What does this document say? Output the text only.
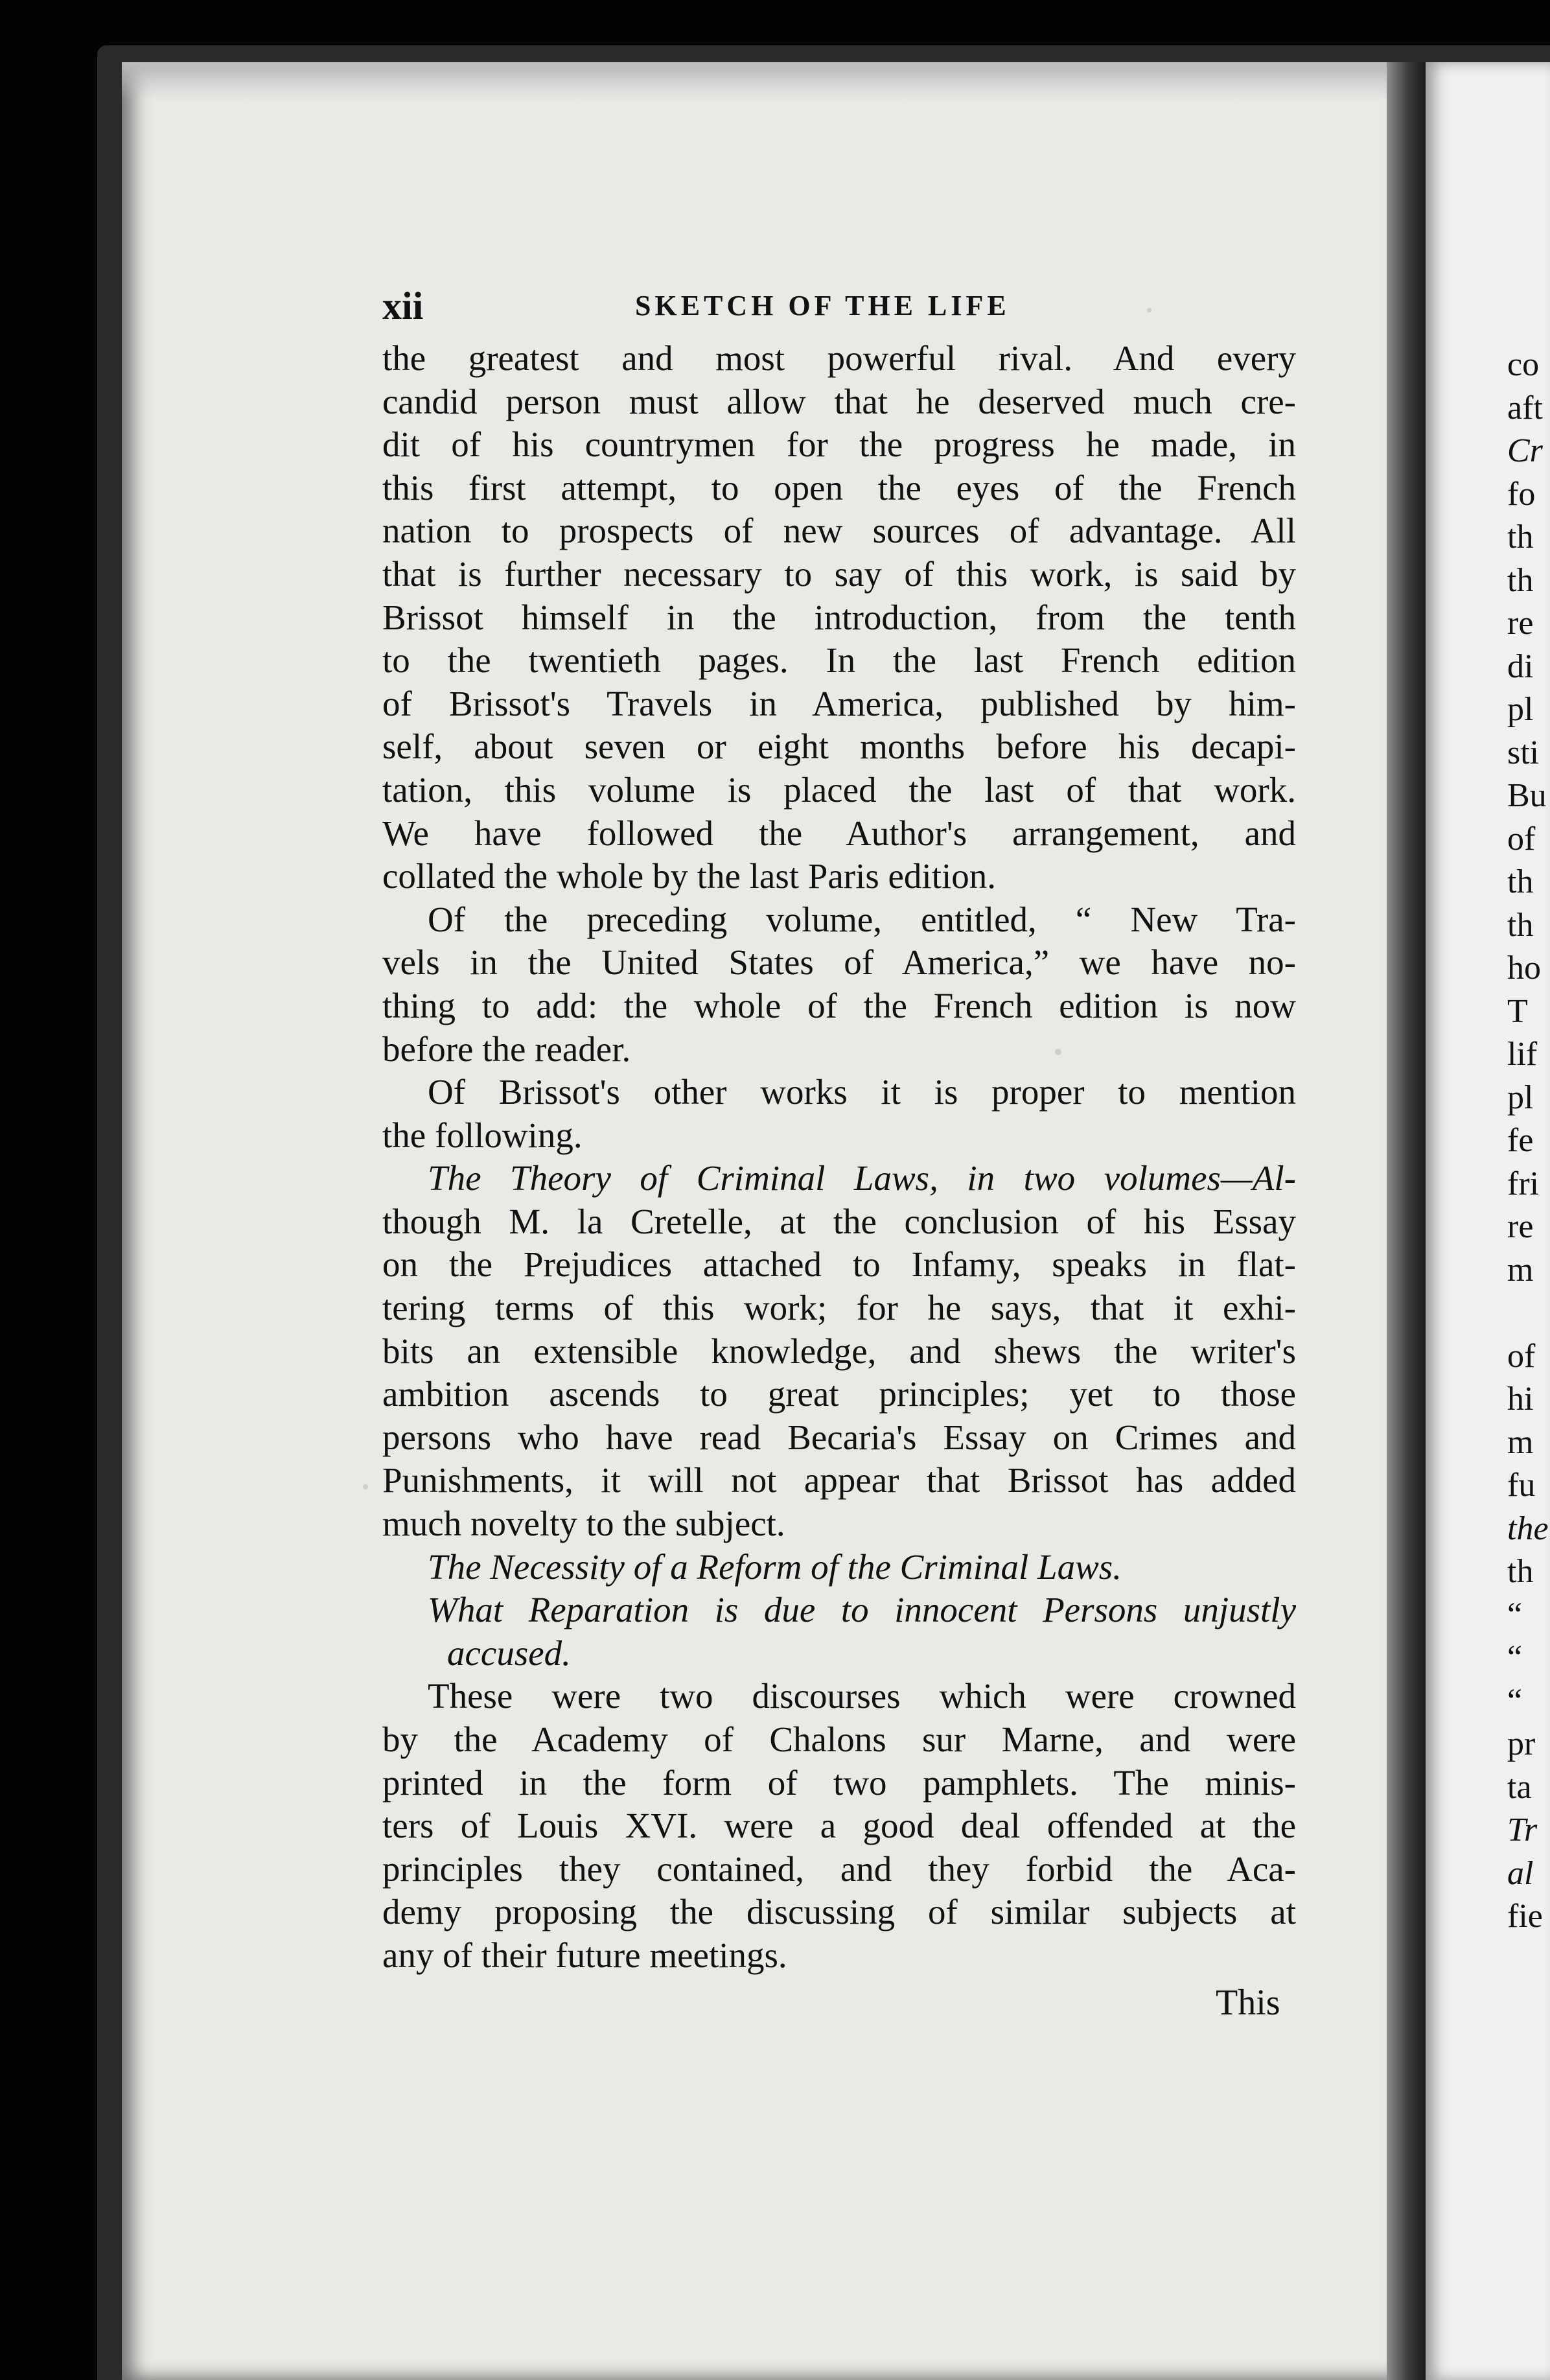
co
aft
Cr
fo
th
th
re
di
pl
sti
Bu
of
th
th
ho
T
lif
pl
fe
fri
re
m
of
hi
m
fu
the
th
“
“
“
pr
ta
Tr
al
fie
xii	SKETCH OF THE LIFE
the greatest and most powerful rival. And every
candid person must allow that he deserved much cre-
dit of his countrymen for the progress he made, in
this first attempt, to open the eyes of the French
nation to prospects of new sources of advantage. All
that is further necessary to say of this work, is said by
Brissot himself in the introduction, from the tenth
to the twentieth pages. In the last French edition
of Brissot's Travels in America, published by him-
self, about seven or eight months before his decapi-
tation, this volume is placed the last of that work.
We have followed the Author's arrangement, and
collated the whole by the last Paris edition.
Of the preceding volume, entitled, “ New Tra-
vels in the United States of America,” we have no-
thing to add: the whole of the French edition is now
before the reader.
Of Brissot's other works it is proper to mention
the following.
The Theory of Criminal Laws, in two volumes—Al-
though M. la Cretelle, at the conclusion of his Essay
on the Prejudices attached to Infamy, speaks in flat-
tering terms of this work; for he says, that it exhi-
bits an extensible knowledge, and shews the writer's
ambition ascends to great principles; yet to those
persons who have read Becaria's Essay on Crimes and
Punishments, it will not appear that Brissot has added
much novelty to the subject.
The Necessity of a Reform of the Criminal Laws.
What Reparation is due to innocent Persons unjustly
accused.
These were two discourses which were crowned
by the Academy of Chalons sur Marne, and were
printed in the form of two pamphlets. The minis-
ters of Louis XVI. were a good deal offended at the
principles they contained, and they forbid the Aca-
demy proposing the discussing of similar subjects at
any of their future meetings.
This
